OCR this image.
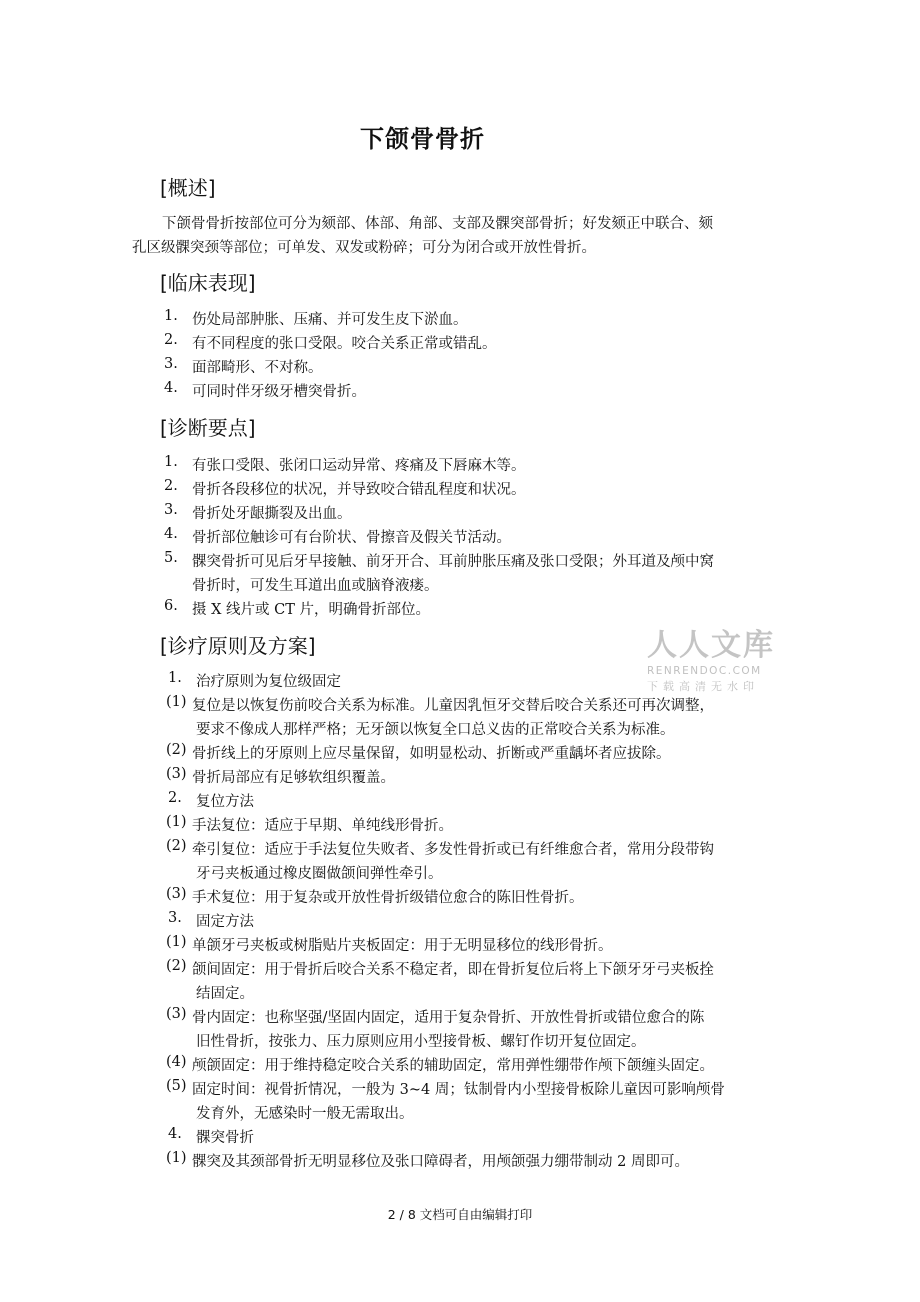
下颌骨骨折
[概述]
下颌骨骨折按部位可分为颏部、体部、角部、支部及髁突部骨折；好发颏正中联合、颏
孔区级髁突颈等部位；可单发、双发或粉碎；可分为闭合或开放性骨折。
[临床表现]
1. 伤处局部肿胀、压痛、并可发生皮下淤血。
2. 有不同程度的张口受限。咬合关系正常或错乱。
3. 面部畸形、不对称。
4. 可同时伴牙级牙槽突骨折。
[诊断要点]
1. 有张口受限、张闭口运动异常、疼痛及下唇麻木等。
2. 骨折各段移位的状况，并导致咬合错乱程度和状况。
3. 骨折处牙龈撕裂及出血。
4. 骨折部位触诊可有台阶状、骨擦音及假关节活动。
5. 髁突骨折可见后牙早接触、前牙开合、耳前肿胀压痛及张口受限；外耳道及颅中窝
骨折时，可发生耳道出血或脑脊液瘘。
6. 摄 X 线片或 CT 片，明确骨折部位。
[诊疗原则及方案]	人人文库
RENRENDOC.COM
下载高清无水印
1. 治疗原则为复位级固定
(1) 复位是以恢复伤前咬合关系为标准。儿童因乳恒牙交替后咬合关系还可再次调整，
要求不像成人那样严格；无牙颌以恢复全口总义齿的正常咬合关系为标准。
(2) 骨折线上的牙原则上应尽量保留，如明显松动、折断或严重龋坏者应拔除。
(3) 骨折局部应有足够软组织覆盖。
2. 复位方法
(1) 手法复位：适应于早期、单纯线形骨折。
(2) 牵引复位：适应于手法复位失败者、多发性骨折或已有纤维愈合者，常用分段带钩
牙弓夹板通过橡皮圈做颌间弹性牵引。
(3) 手术复位：用于复杂或开放性骨折级错位愈合的陈旧性骨折。
3. 固定方法
(1) 单颌牙弓夹板或树脂贴片夹板固定：用于无明显移位的线形骨折。
(2) 颌间固定：用于骨折后咬合关系不稳定者，即在骨折复位后将上下颌牙牙弓夹板拴
结固定。
(3) 骨内固定：也称坚强/坚固内固定，适用于复杂骨折、开放性骨折或错位愈合的陈
旧性骨折，按张力、压力原则应用小型接骨板、螺钉作切开复位固定。
(4) 颅颌固定：用于维持稳定咬合关系的辅助固定，常用弹性绷带作颅下颌缠头固定。
(5) 固定时间：视骨折情况，一般为 3~4 周；钛制骨内小型接骨板除儿童因可影响颅骨
发育外，无感染时一般无需取出。
4. 髁突骨折
(1) 髁突及其颈部骨折无明显移位及张口障碍者，用颅颌强力绷带制动 2 周即可。
2 / 8 文档可自由编辑打印
